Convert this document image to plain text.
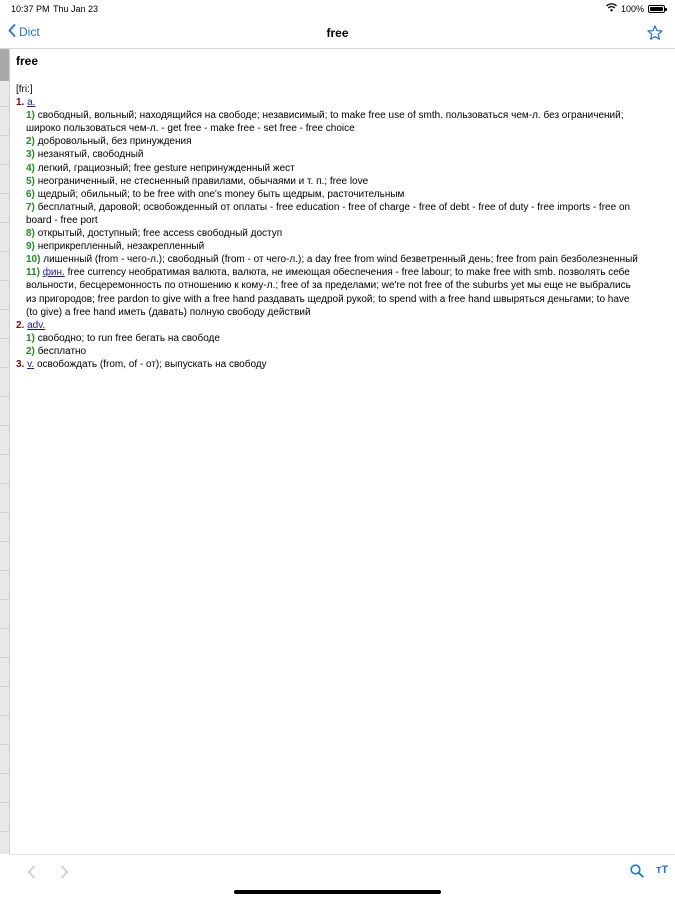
10:37 PM Thu Jan 23	100%
Dict	free
free
[fri:]
1. a.
1) свободный, вольный; находящийся на свободе; независимый; to make free use of smth. пользоваться чем-л. без ограничений;
широко пользоваться чем-л. - get free - make free - set free - free choice
2) добровольный, без принуждения
3) незанятый, свободный
4) легкий, грациозный; free gesture непринужденный жест
5) неограниченный, не стесненный правилами, обычаями и т. п.; free love
6) щедрый; обильный; to be free with one's money быть щедрым, расточительным
7) бесплатный, даровой; освобожденный от оплаты - free education - free of charge - free of debt - free of duty - free imports - free on
board - free port
8) открытый, доступный; free access свободный доступ
9) неприкрепленный, незакрепленный
10) лишенный (from - чего-л.); свободный (from - от чего-л.); a day free from wind безветренный день; free from pain безболезненный
11) фин. free currency необратимая валюта, валюта, не имеющая обеспечения - free labour; to make free with smb. позволять себе
вольности, бесцеремонность по отношению к кому-л.; free of за пределами; we're not free of the suburbs yet мы еще не выбрались
из пригородов; free pardon to give with a free hand раздавать щедрой рукой; to spend with a free hand швыряться деньгами; to have
(to give) a free hand иметь (давать) полную свободу действий
2. adv.
1) свободно; to run free бегать на свободе
2) бесплатно
3. v. освобождать (from, of - от); выпускать на свободу
тТ
